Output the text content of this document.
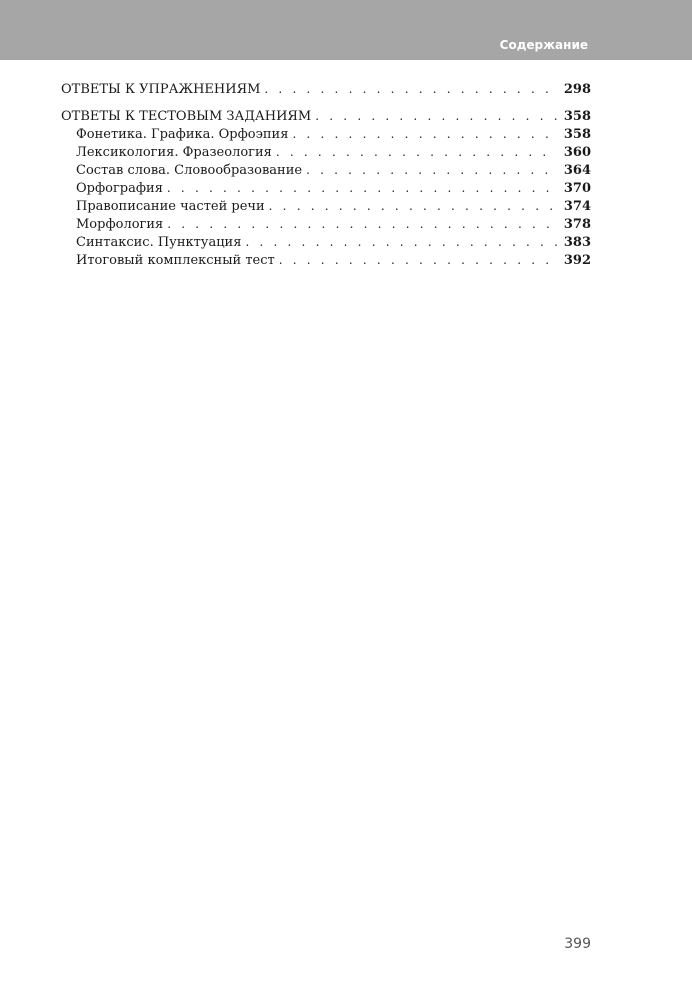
Содержание
ОТВЕТЫ К УПРАЖНЕНИЯМ . . .	298
ОТВЕТЫ К ТЕСТОВЫМ ЗАДАНИЯМ . . .	358
Фонетика. Графика. Орфоэпия . . .	358
Лексикология. Фразеология . . .	360
Состав слова. Словообразование . . .	364
Орфография . . .	370
Правописание частей речи . . .	374
Морфология . . .	378
Синтаксис. Пунктуация . . .	383
Итоговый комплексный тест . . .	392
399
